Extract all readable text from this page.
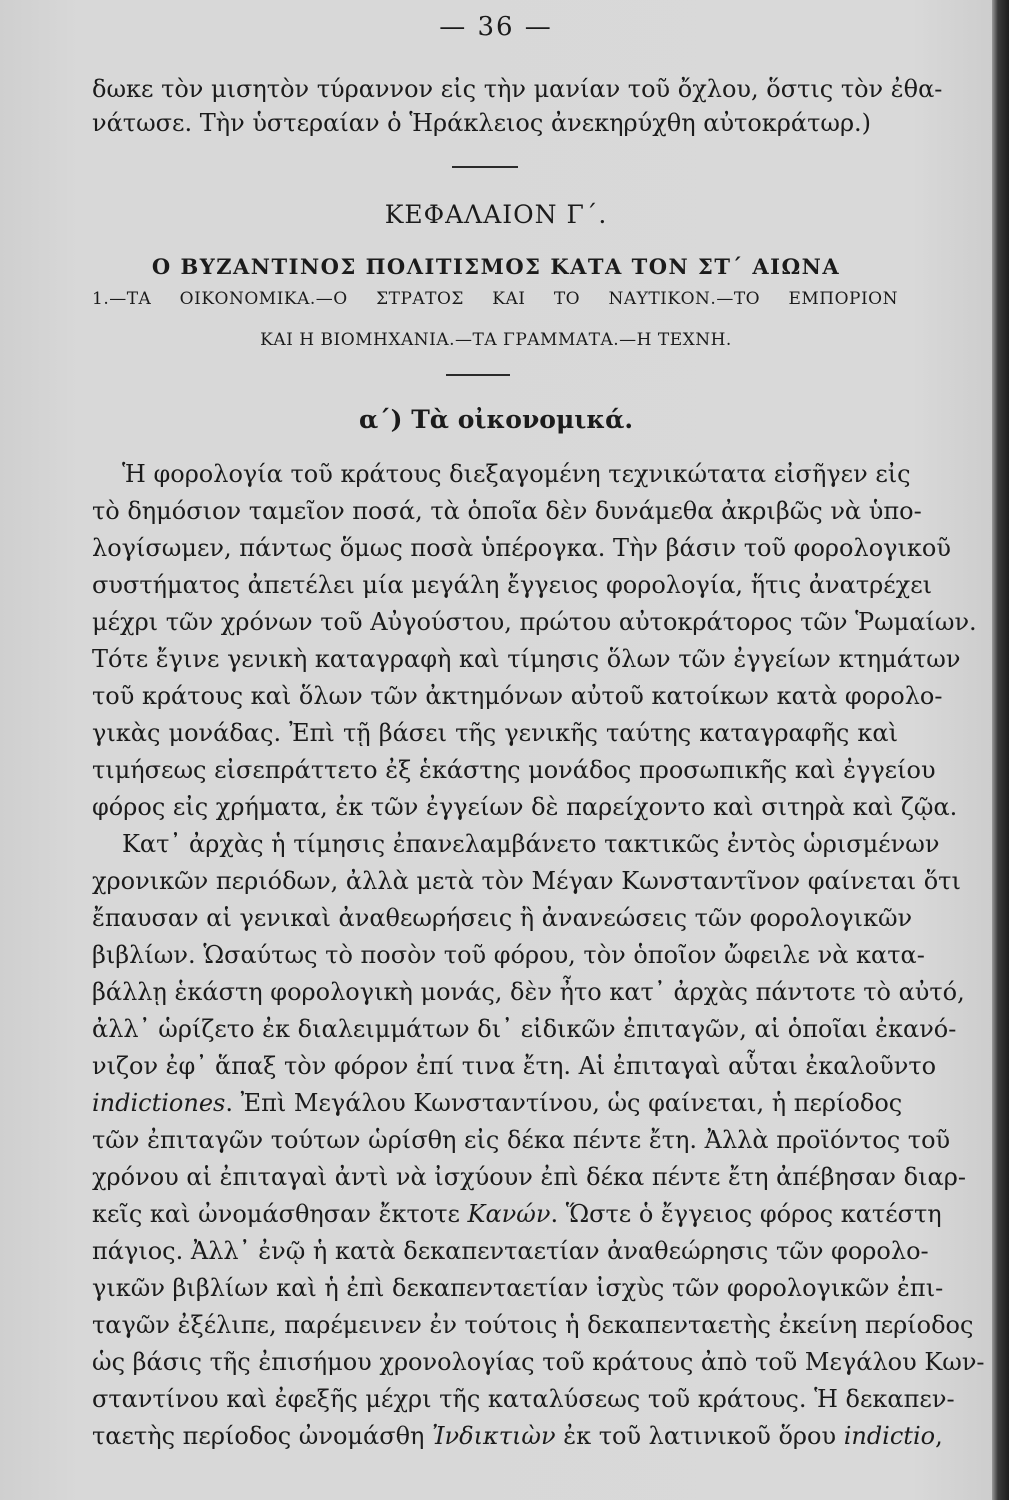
— 36 —
δωκε τὸν μισητὸν τύραννον εἰς τὴν μανίαν τοῦ ὄχλου, ὅστις τὸν ἐθα-
νάτωσε. Τὴν ὑστεραίαν ὁ Ἡράκλειος ἀνεκηρύχθη αὐτοκράτωρ.)
ΚΕΦΑΛΑΙΟΝ Γ΄.
Ο ΒΥΖΑΝΤΙΝΟΣ ΠΟΛΙΤΙΣΜΟΣ ΚΑΤΑ ΤΟΝ ΣΤ΄ ΑΙΩΝΑ
1.—ΤΑ ΟΙΚΟΝΟΜΙΚΑ.—Ο ΣΤΡΑΤΟΣ ΚΑΙ ΤΟ ΝΑΥΤΙΚΟΝ.—ΤΟ ΕΜΠΟΡΙΟΝ
ΚΑΙ Η ΒΙΟΜΗΧΑΝΙΑ.—ΤΑ ΓΡΑΜΜΑΤΑ.—Η ΤΕΧΝΗ.
α΄) Τὰ οἰκονομικά.
Ἡ φορολογία τοῦ κράτους διεξαγομένη τεχνικώτατα εἰσῆγεν εἰς
τὸ δημόσιον ταμεῖον ποσά, τὰ ὁποῖα δὲν δυνάμεθα ἀκριβῶς νὰ ὑπο-
λογίσωμεν, πάντως ὅμως ποσὰ ὑπέρογκα. Τὴν βάσιν τοῦ φορολογικοῦ
συστήματος ἀπετέλει μία μεγάλη ἔγγειος φορολογία, ἥτις ἀνατρέχει
μέχρι τῶν χρόνων τοῦ Αὐγούστου, πρώτου αὐτοκράτορος τῶν Ῥωμαίων.
Τότε ἔγινε γενικὴ καταγραφὴ καὶ τίμησις ὅλων τῶν ἐγγείων κτημάτων
τοῦ κράτους καὶ ὅλων τῶν ἀκτημόνων αὐτοῦ κατοίκων κατὰ φορολο-
γικὰς μονάδας. Ἐπὶ τῇ βάσει τῆς γενικῆς ταύτης καταγραφῆς καὶ
τιμήσεως εἰσεπράττετο ἐξ ἑκάστης μονάδος προσωπικῆς καὶ ἐγγείου
φόρος εἰς χρήματα, ἐκ τῶν ἐγγείων δὲ παρείχοντο καὶ σιτηρὰ καὶ ζῷα.
Κατ᾽ ἀρχὰς ἡ τίμησις ἐπανελαμβάνετο τακτικῶς ἐντὸς ὡρισμένων
χρονικῶν περιόδων, ἀλλὰ μετὰ τὸν Μέγαν Κωνσταντῖνον φαίνεται ὅτι
ἔπαυσαν αἱ γενικαὶ ἀναθεωρήσεις ἢ ἀνανεώσεις τῶν φορολογικῶν
βιβλίων. Ὡσαύτως τὸ ποσὸν τοῦ φόρου, τὸν ὁποῖον ὤφειλε νὰ κατα-
βάλλῃ ἑκάστη φορολογικὴ μονάς, δὲν ἦτο κατ᾽ ἀρχὰς πάντοτε τὸ αὐτό,
ἀλλ᾽ ὡρίζετο ἐκ διαλειμμάτων δι᾽ εἰδικῶν ἐπιταγῶν, αἱ ὁποῖαι ἐκανό-
νιζον ἐφ᾽ ἅπαξ τὸν φόρον ἐπί τινα ἔτη. Αἱ ἐπιταγαὶ αὗται ἐκαλοῦντο
indictiones. Ἐπὶ Μεγάλου Κωνσταντίνου, ὡς φαίνεται, ἡ περίοδος
τῶν ἐπιταγῶν τούτων ὡρίσθη εἰς δέκα πέντε ἔτη. Ἀλλὰ προϊόντος τοῦ
χρόνου αἱ ἐπιταγαὶ ἀντὶ νὰ ἰσχύουν ἐπὶ δέκα πέντε ἔτη ἀπέβησαν διαρ-
κεῖς καὶ ὠνομάσθησαν ἔκτοτε Κανών. Ὥστε ὁ ἔγγειος φόρος κατέστη
πάγιος. Ἀλλ᾽ ἐνῷ ἡ κατὰ δεκαπενταετίαν ἀναθεώρησις τῶν φορολο-
γικῶν βιβλίων καὶ ἡ ἐπὶ δεκαπενταετίαν ἰσχὺς τῶν φορολογικῶν ἐπι-
ταγῶν ἐξέλιπε, παρέμεινεν ἐν τούτοις ἡ δεκαπενταετὴς ἐκείνη περίοδος
ὡς βάσις τῆς ἐπισήμου χρονολογίας τοῦ κράτους ἀπὸ τοῦ Μεγάλου Κων-
σταντίνου καὶ ἐφεξῆς μέχρι τῆς καταλύσεως τοῦ κράτους. Ἡ δεκαπεν-
ταετὴς περίοδος ὠνομάσθη Ἰνδικτιὼν ἐκ τοῦ λατινικοῦ ὅρου indictio,
